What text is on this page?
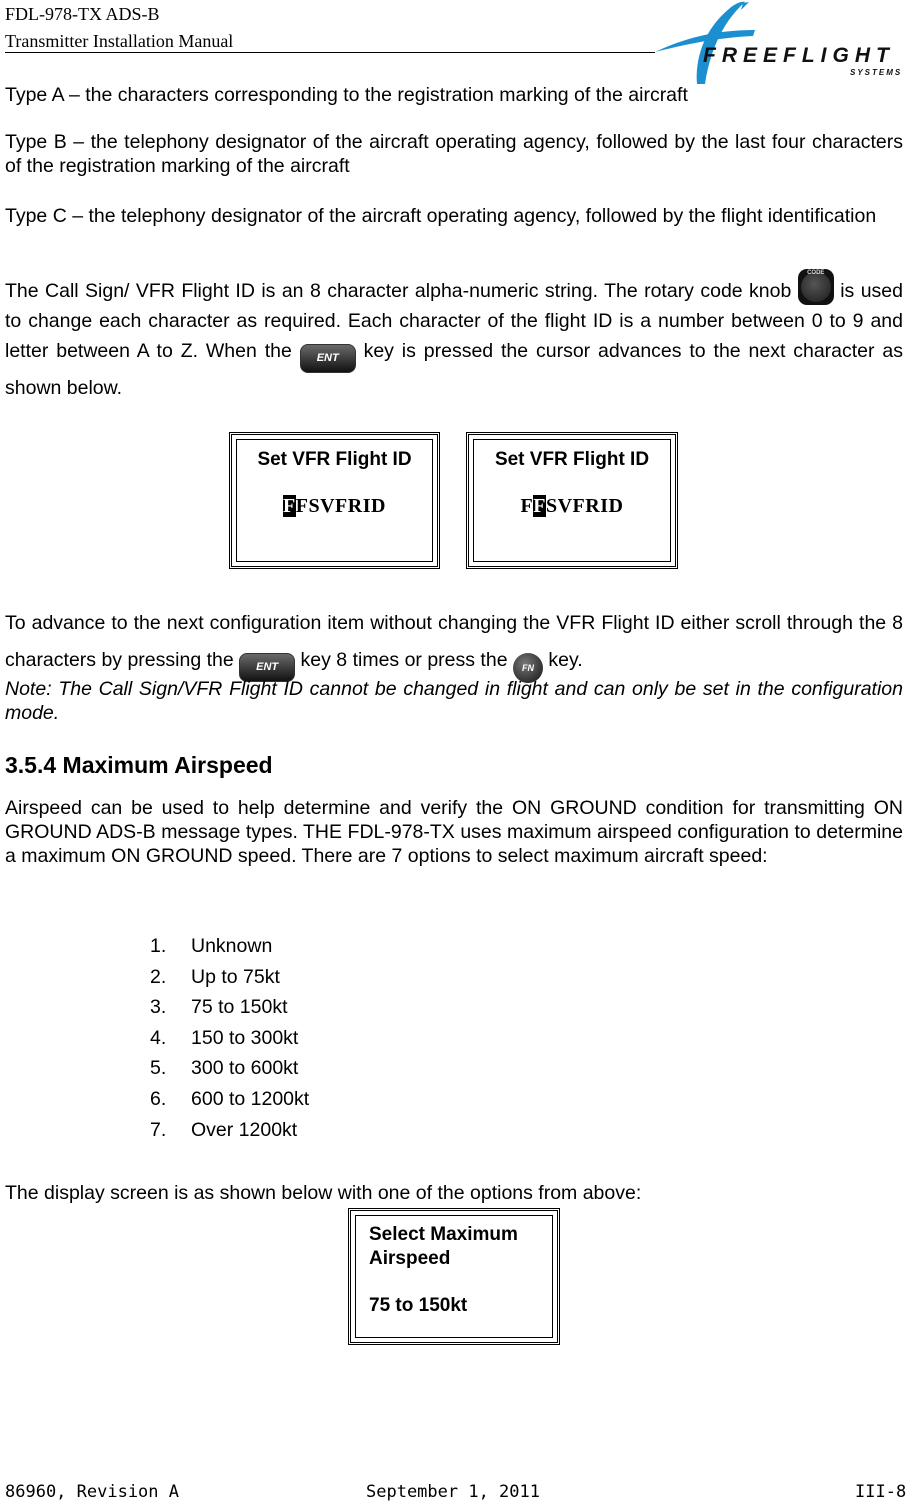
FDL-978-TX ADS-B
Transmitter Installation Manual
FREEFLIGHT
SYSTEMS
Type A – the characters corresponding to the registration marking of the aircraft
Type B – the telephony designator of the aircraft operating agency, followed by the last four characters of the registration marking of the aircraft
Type C – the telephony designator of the aircraft operating agency, followed by the flight identification
The Call Sign/ VFR Flight ID is an 8 character alpha-numeric string. The rotary code knob
CODE
is used to change each character as required. Each character of the flight ID is a number between 0 to 9 and letter between A to Z. When the ENT key is pressed the cursor advances to the next character as shown below.
Set VFR Flight ID
FFSVFRID
Set VFR Flight ID
FFSVFRID
To advance to the next configuration item without changing the VFR Flight ID either scroll through the 8 characters by pressing the ENT key 8 times or press the FN key.
Note: The Call Sign/VFR Flight ID cannot be changed in flight and can only be set in the configuration mode.
3.5.4 Maximum Airspeed
Airspeed can be used to help determine and verify the ON GROUND condition for transmitting ON GROUND ADS-B message types. THE FDL-978-TX uses maximum airspeed configuration to determine a maximum ON GROUND speed. There are 7 options to select maximum aircraft speed:
1. Unknown
2. Up to 75kt
3. 75 to 150kt
4. 150 to 300kt
5. 300 to 600kt
6. 600 to 1200kt
7. Over 1200kt
The display screen is as shown below with one of the options from above:
Select Maximum
Airspeed
75 to 150kt
86960, Revision A	September 1, 2011	III-8
